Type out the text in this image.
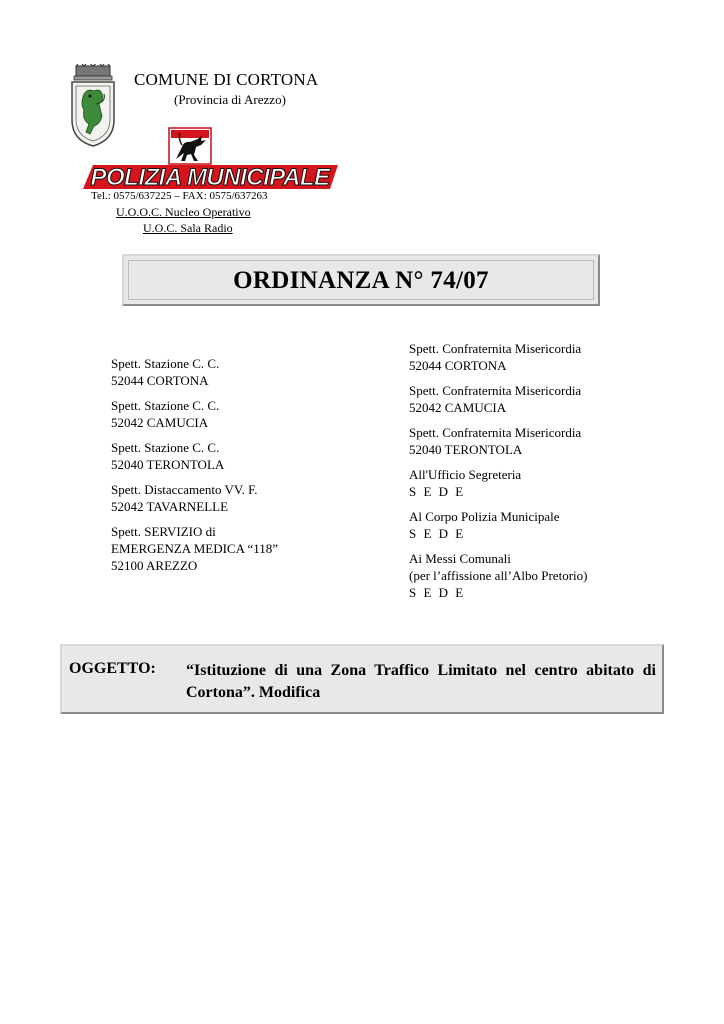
COMUNE DI CORTONA
(Provincia di Arezzo)
POLIZIA MUNICIPALE
Tel.: 0575/637225 – FAX: 0575/637263
U.O.O.C. Nucleo Operativo
U.O.C. Sala Radio
ORDINANZA N° 74/07
Spett. Stazione C. C.
52044 CORTONA
Spett. Stazione C. C.
52042 CAMUCIA
Spett. Stazione C. C.
52040 TERONTOLA
Spett. Distaccamento VV. F.
52042 TAVARNELLE
Spett. SERVIZIO di
EMERGENZA MEDICA “118”
52100 AREZZO
Spett. Confraternita Misericordia
52044 CORTONA
Spett. Confraternita Misericordia
52042 CAMUCIA
Spett. Confraternita Misericordia
52040 TERONTOLA
All'Ufficio Segreteria
S E D E
Al Corpo Polizia Municipale
S E D E
Ai Messi Comunali
(per l’affissione all’Albo Pretorio)
S E D E
OGGETTO: “Istituzione di una Zona Traffico Limitato nel centro abitato di Cortona”. Modifica
